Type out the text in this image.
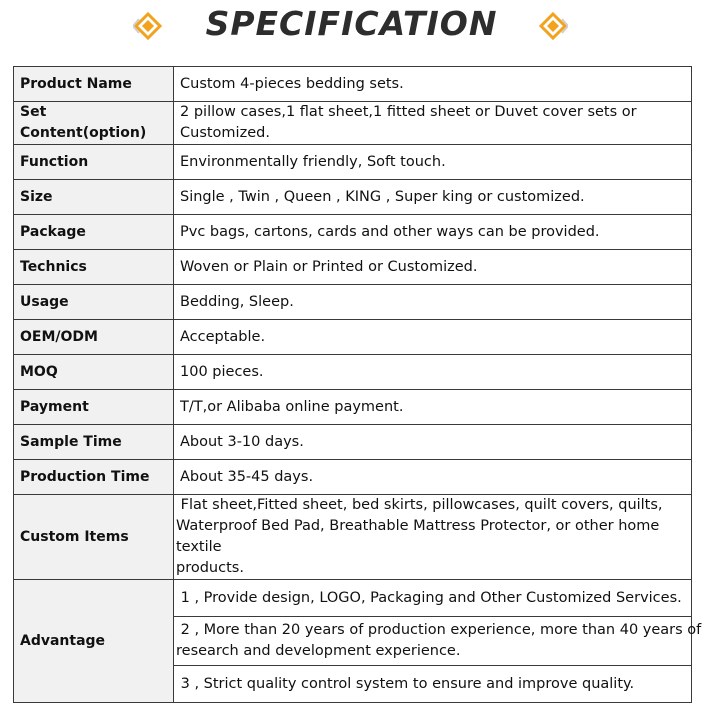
SPECIFICATION
Product Name	Custom 4-pieces bedding sets.
Set Content(option)	2 pillow cases,1 flat sheet,1 fitted sheet or Duvet cover sets or Customized.
Function	Environmentally friendly, Soft touch.
Size	Single , Twin , Queen , KING , Super king or customized.
Package	Pvc bags, cartons, cards and other ways can be provided.
Technics	Woven or Plain or Printed or Customized.
Usage	Bedding, Sleep.
OEM/ODM	Acceptable.
MOQ	100 pieces.
Payment	T/T,or Alibaba online payment.
Sample Time	About 3-10 days.
Production Time	About 35-45 days.
Custom Items	Flat sheet,Fitted sheet, bed skirts, pillowcases, quilt covers, quilts,
Waterproof Bed Pad, Breathable Mattress Protector, or other home textile
products.

Advantage	1 , Provide design, LOGO, Packaging and Other Customized Services.

	2 , More than 20 years of production experience, more than 40 years of
research and development experience.

	3 , Strict quality control system to ensure and improve quality.
